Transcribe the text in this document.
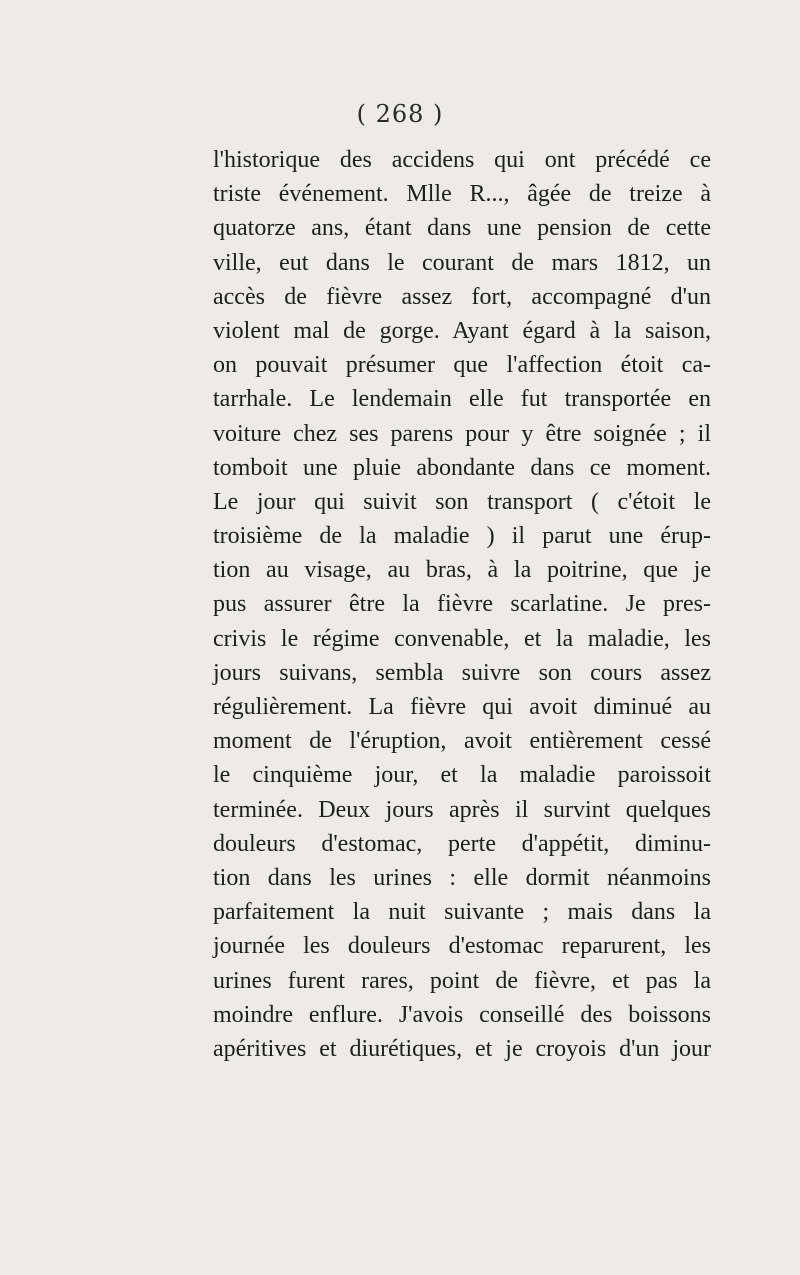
( 268 )
l'historique des accidens qui ont précédé ce
triste événement. Mlle R..., âgée de treize à
quatorze ans, étant dans une pension de cette
ville, eut dans le courant de mars 1812, un
accès de fièvre assez fort, accompagné d'un
violent mal de gorge. Ayant égard à la saison,
on pouvait présumer que l'affection étoit ca-
tarrhale. Le lendemain elle fut transportée en
voiture chez ses parens pour y être soignée ; il
tomboit une pluie abondante dans ce moment.
Le jour qui suivit son transport ( c'étoit le
troisième de la maladie ) il parut une érup-
tion au visage, au bras, à la poitrine, que je
pus assurer être la fièvre scarlatine. Je pres-
crivis le régime convenable, et la maladie, les
jours suivans, sembla suivre son cours assez
régulièrement. La fièvre qui avoit diminué au
moment de l'éruption, avoit entièrement cessé
le cinquième jour, et la maladie paroissoit
terminée. Deux jours après il survint quelques
douleurs d'estomac, perte d'appétit, diminu-
tion dans les urines : elle dormit néanmoins
parfaitement la nuit suivante ; mais dans la
journée les douleurs d'estomac reparurent, les
urines furent rares, point de fièvre, et pas la
moindre enflure. J'avois conseillé des boissons
apéritives et diurétiques, et je croyois d'un jour
